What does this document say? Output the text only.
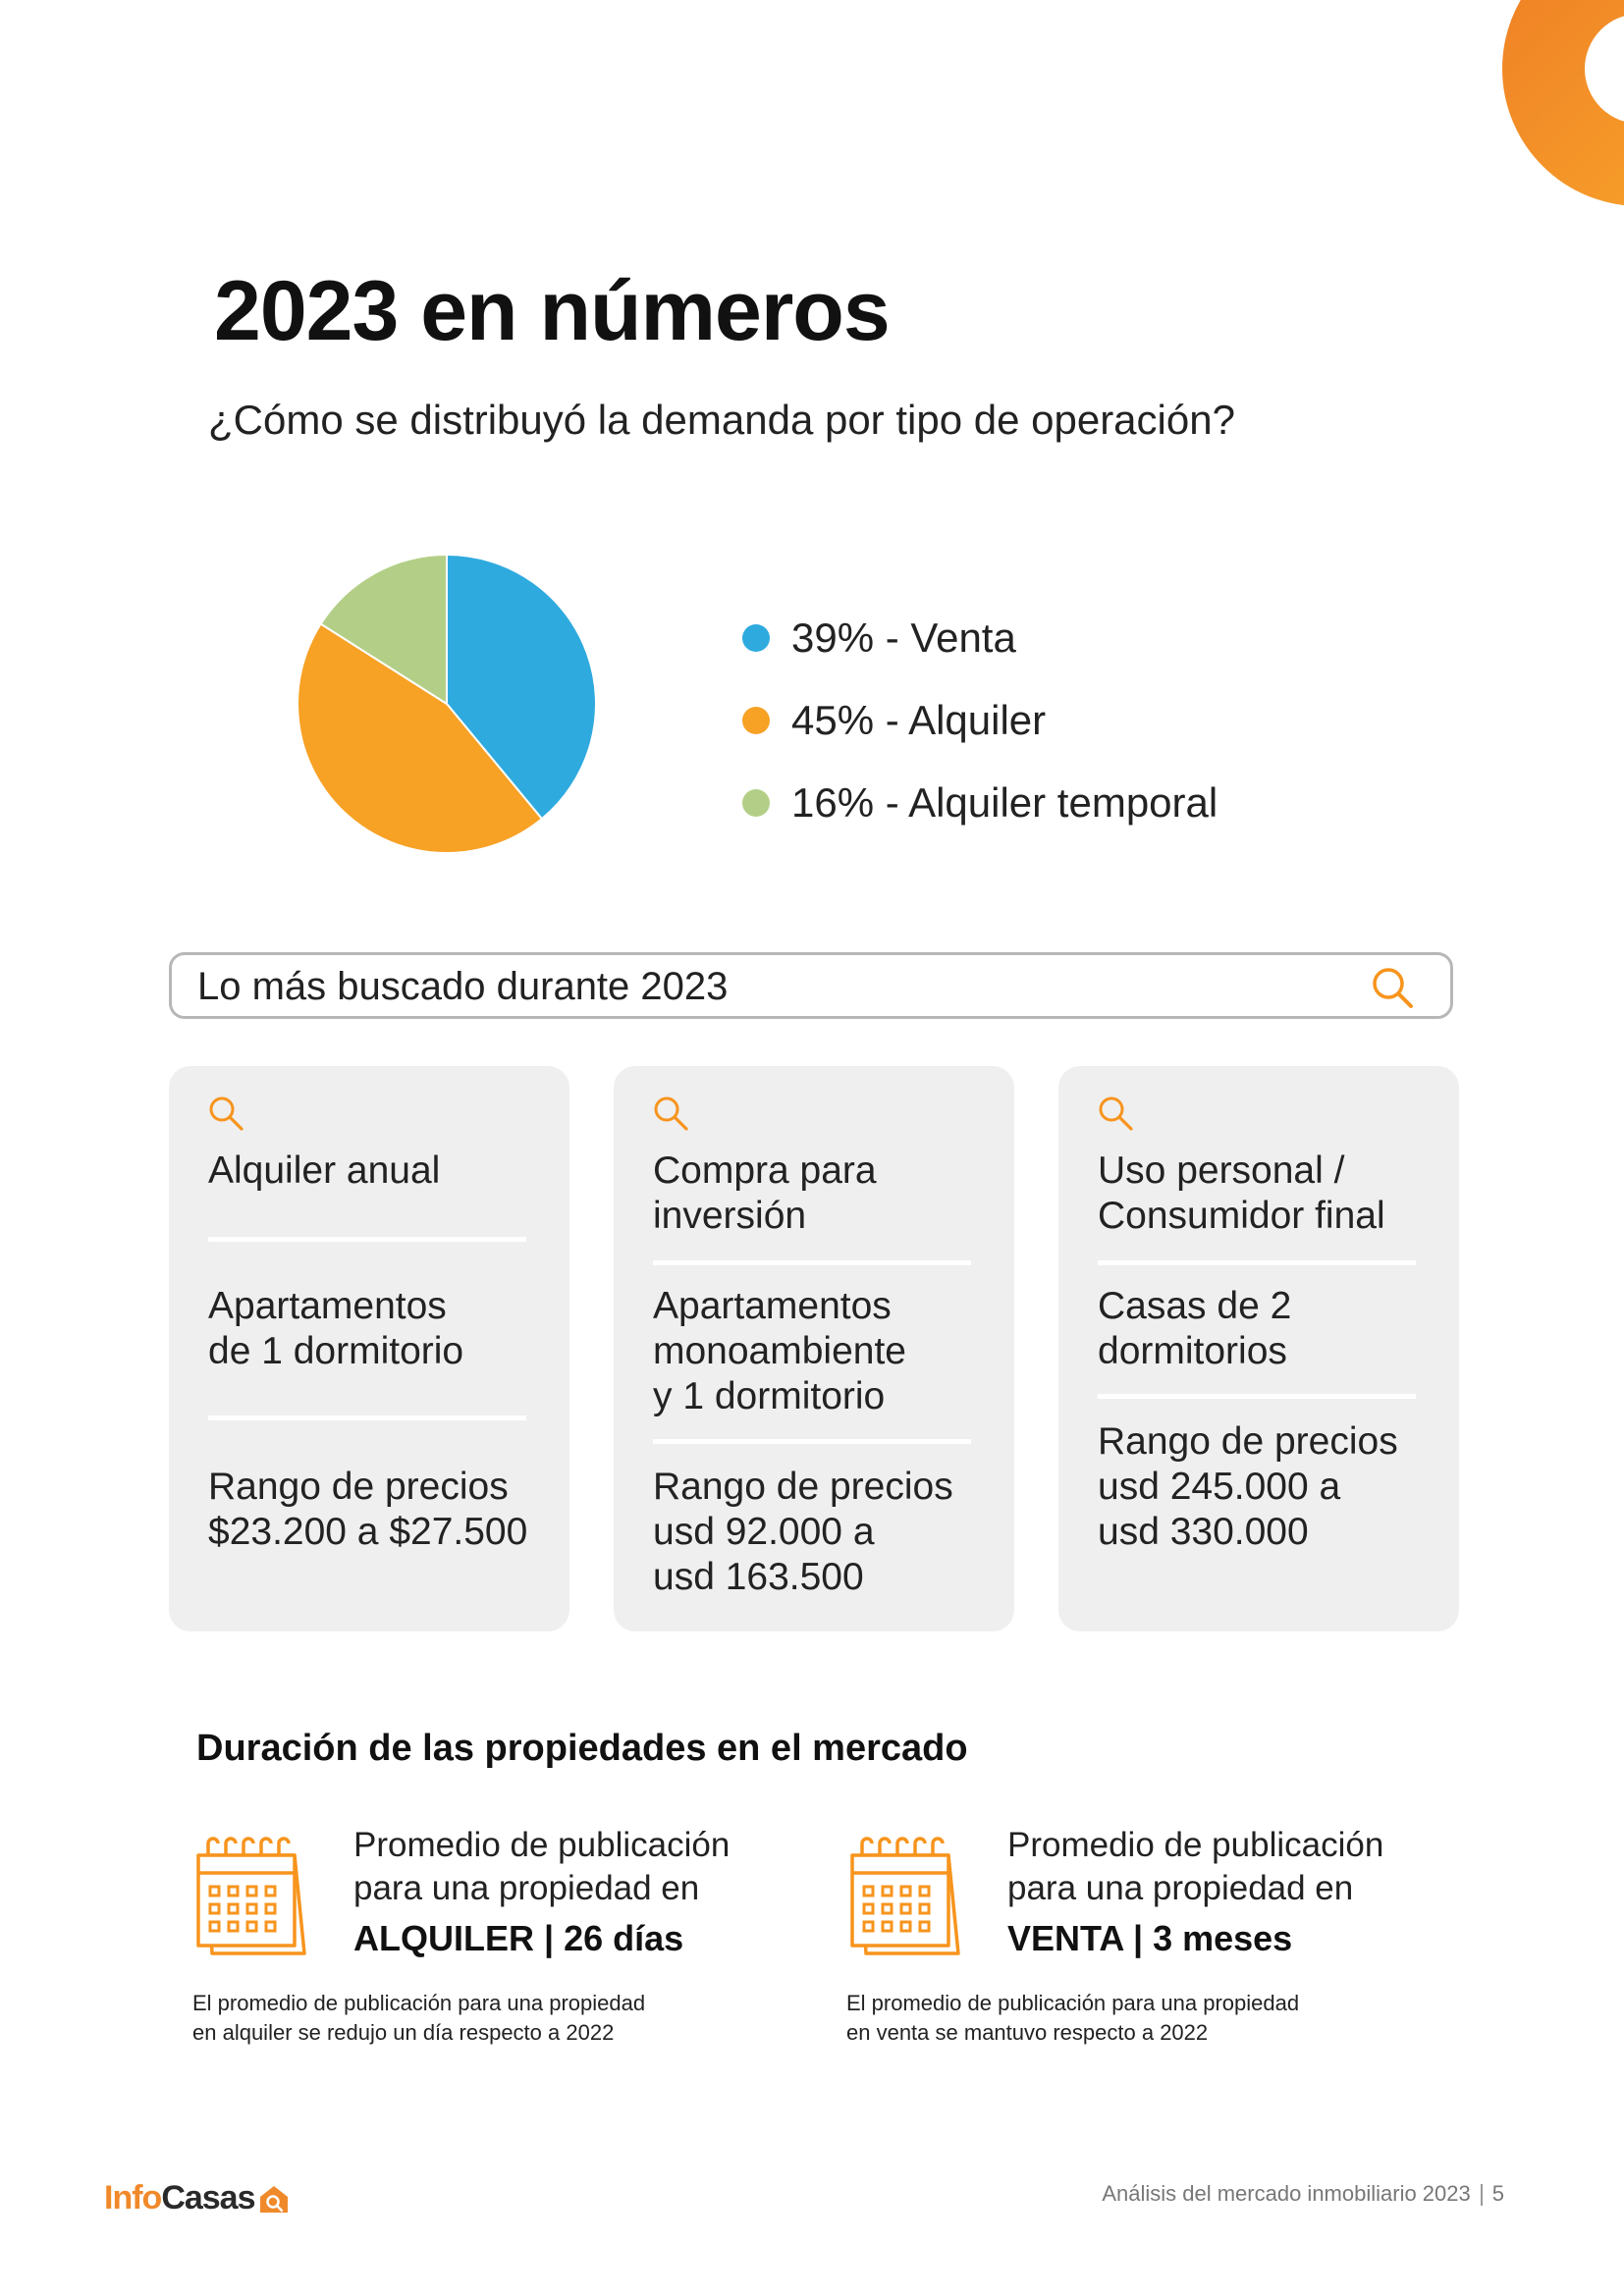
2023 en números

¿Cómo se distribuyó la demanda por tipo de operación?

39% - Venta
45% - Alquiler
16% - Alquiler temporal
Lo más buscado durante 2023
Alquiler anual
Apartamentos
de 1 dormitorio
Rango de precios
$23.200 a $27.500
Compra para
inversión
Apartamentos
monoambiente
y 1 dormitorio
Rango de precios
usd 92.000 a
usd 163.500
Uso personal /
Consumidor final
Casas de 2
dormitorios
Rango de precios
usd 245.000 a
usd 330.000
Duración de las propiedades en el mercado
Promedio de publicación
para una propiedad en
ALQUILER | 26 días
El promedio de publicación para una propiedad
en alquiler se redujo un día respecto a 2022
Promedio de publicación
para una propiedad en
VENTA | 3 meses
El promedio de publicación para una propiedad
en venta se mantuvo respecto a 2022
Info Casas	Análisis del mercado inmobiliario 2023 5
